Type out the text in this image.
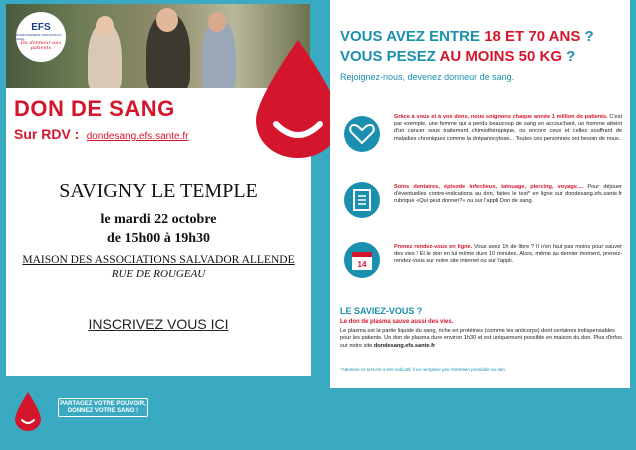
EFS
ÉTABLISSEMENT FRANÇAIS DU SANG
Du donneur aux patients
DON DE SANG
Sur RDV : dondesang.efs.sante.fr
SAVIGNY LE TEMPLE
le mardi 22 octobre
de 15h00 à 19h30
MAISON DES ASSOCIATIONS SALVADOR ALLENDE
RUE DE ROUGEAU
INSCRIVEZ VOUS ICI
PARTAGEZ VOTRE POUVOIR,
DONNEZ VOTRE SANG !
VOUS AVEZ ENTRE 18 ET 70 ANS ?
VOUS PESEZ AU MOINS 50 KG ?
Rejoignez-nous, devenez donneur de sang.
Grâce à vous et à vos dons, nous soignons chaque année 1 million de patients. C'est par exemple, une femme qui a perdu beaucoup de sang en accouchant, un homme atteint d'un cancer sous traitement chimiothérapique, ou encore ceux et celles souffrant de maladies chroniques comme la drépanocytose... Toutes ces personnes ont besoin de nous.
Soins dentaires, épisode infectieux, tatouage, piercing, voyage.... Pour déjouer d'éventuelles contre-indications au don, faites le test* en ligne sur dondesang.efs.sante.fr rubrique «Qui peut donner?» ou sur l'appli Don de sang.
14
Prenez rendez-vous en ligne. Vous avez 1h de libre ? Il n'en faut pas moins pour sauver des vies ! Et le don en lui même dure 10 minutes. Alors, même au dernier moment, prenez-rendez-vous sur notre site internet ou sur l'appli.
LE SAVIEZ-VOUS ?
Le don de plasma sauve aussi des vies.
Le plasma est la partie liquide du sang, riche en protéines (comme les anticorps) dont certaines indispensables pour les patients. Un don de plasma dure environ 1h30 et est uniquement possible en maison du don. Plus d'infos sur notre site dondesang.efs.sante.fr
*Attention ce test est à titre indicatif, il ne remplace pas l'entretien préalable au don.
